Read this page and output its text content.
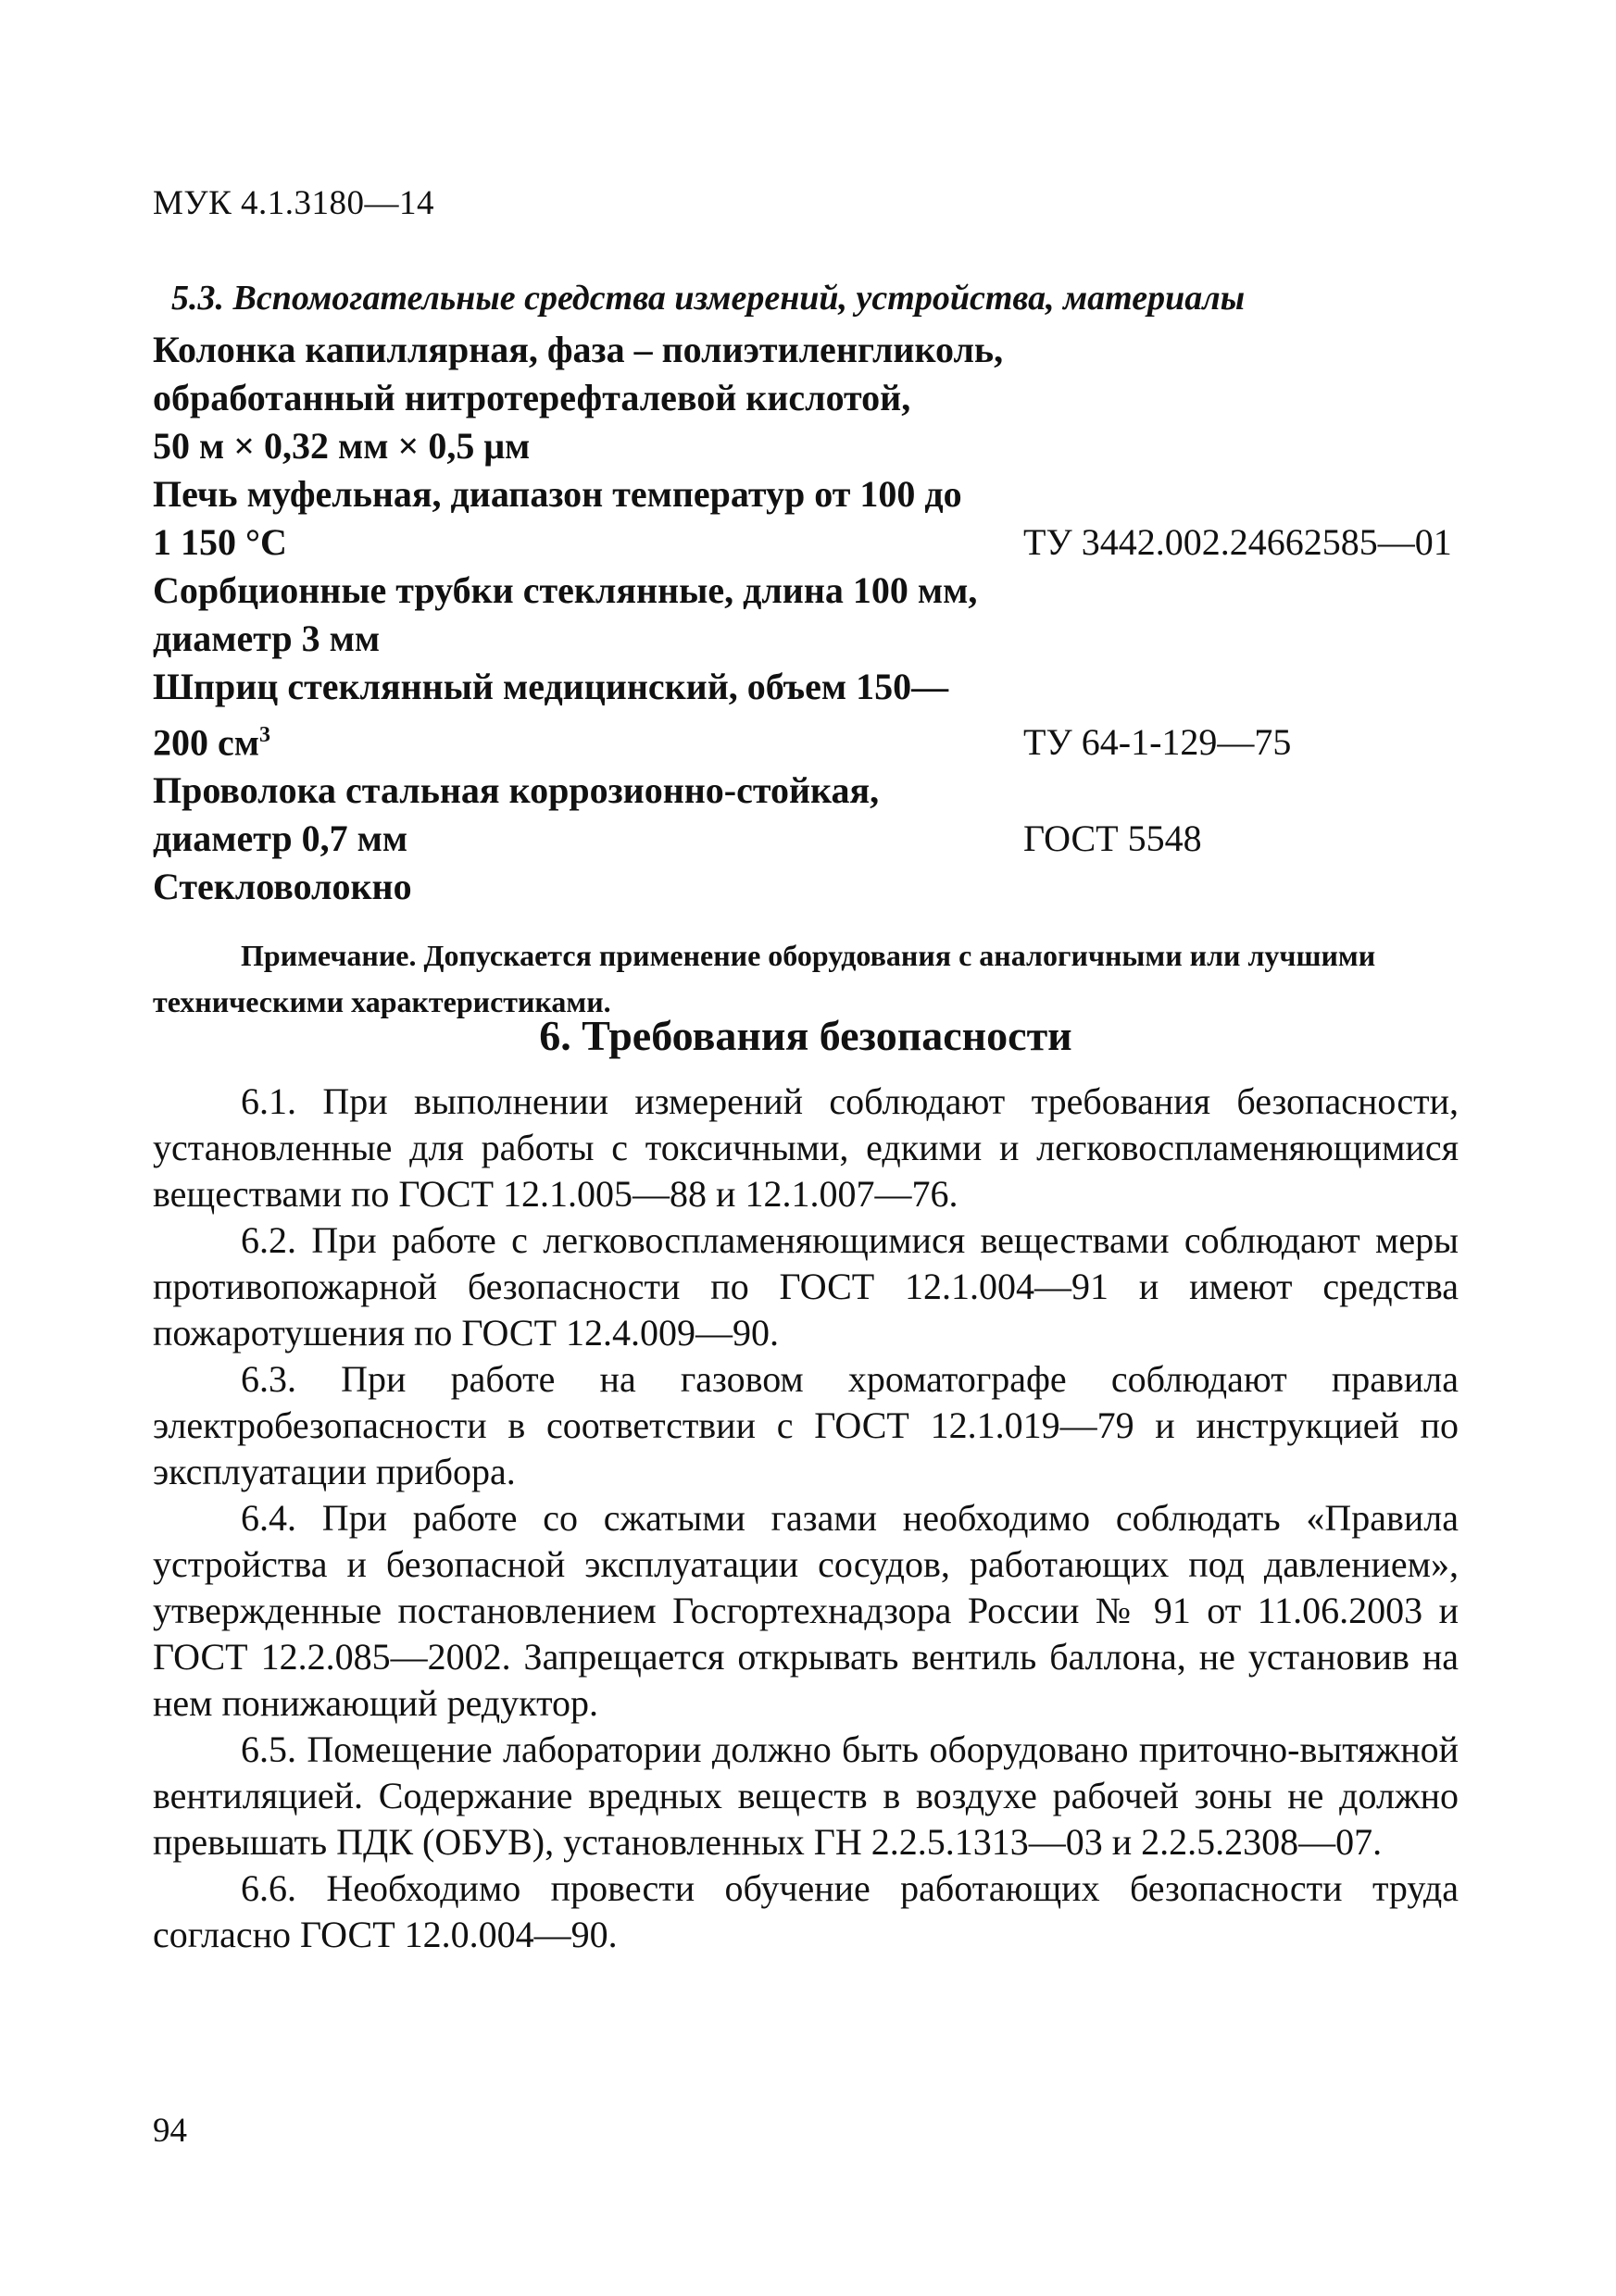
МУК 4.1.3180—14
5.3. Вспомогательные средства измерений, устройства, материалы
Колонка капиллярная, фаза – полиэтиленгликоль,
обработанный нитротерефталевой кислотой,
50 м × 0,32 мм × 0,5 μм
Печь муфельная, диапазон температур от 100 до
1 150 °С	ТУ 3442.002.24662585—01
Сорбционные трубки стеклянные, длина 100 мм,
диаметр 3 мм
Шприц стеклянный медицинский, объем 150—
200 $см^3$	ТУ 64-1-129—75
Проволока стальная коррозионно-стойкая,
диаметр 0,7 мм	ГОСТ 5548
Стекловолокно

Примечание. Допускается применение оборудования с аналогичными или лучшими техническими характеристиками.

6. Требования безопасности

6.1. При выполнении измерений соблюдают требования безопасности, установленные для работы с токсичными, едкими и легковоспламеняющимися веществами по ГОСТ 12.1.005—88 и 12.1.007—76.

6.2. При работе с легковоспламеняющимися веществами соблюдают меры противопожарной безопасности по ГОСТ 12.1.004—91 и имеют средства пожаротушения по ГОСТ 12.4.009—90.

6.3. При работе на газовом хроматографе соблюдают правила электробезопасности в соответствии с ГОСТ 12.1.019—79 и инструкцией по эксплуатации прибора.

6.4. При работе со сжатыми газами необходимо соблюдать «Правила устройства и безопасной эксплуатации сосудов, работающих под давлением», утвержденные постановлением Госгортехнадзора России № 91 от 11.06.2003 и ГОСТ 12.2.085—2002. Запрещается открывать вентиль баллона, не установив на нем понижающий редуктор.

6.5. Помещение лаборатории должно быть оборудовано приточно-вытяжной вентиляцией. Содержание вредных веществ в воздухе рабочей зоны не должно превышать ПДК (ОБУВ), установленных ГН 2.2.5.1313—03 и 2.2.5.2308—07.

6.6. Необходимо провести обучение работающих безопасности труда согласно ГОСТ 12.0.004—90.

94
